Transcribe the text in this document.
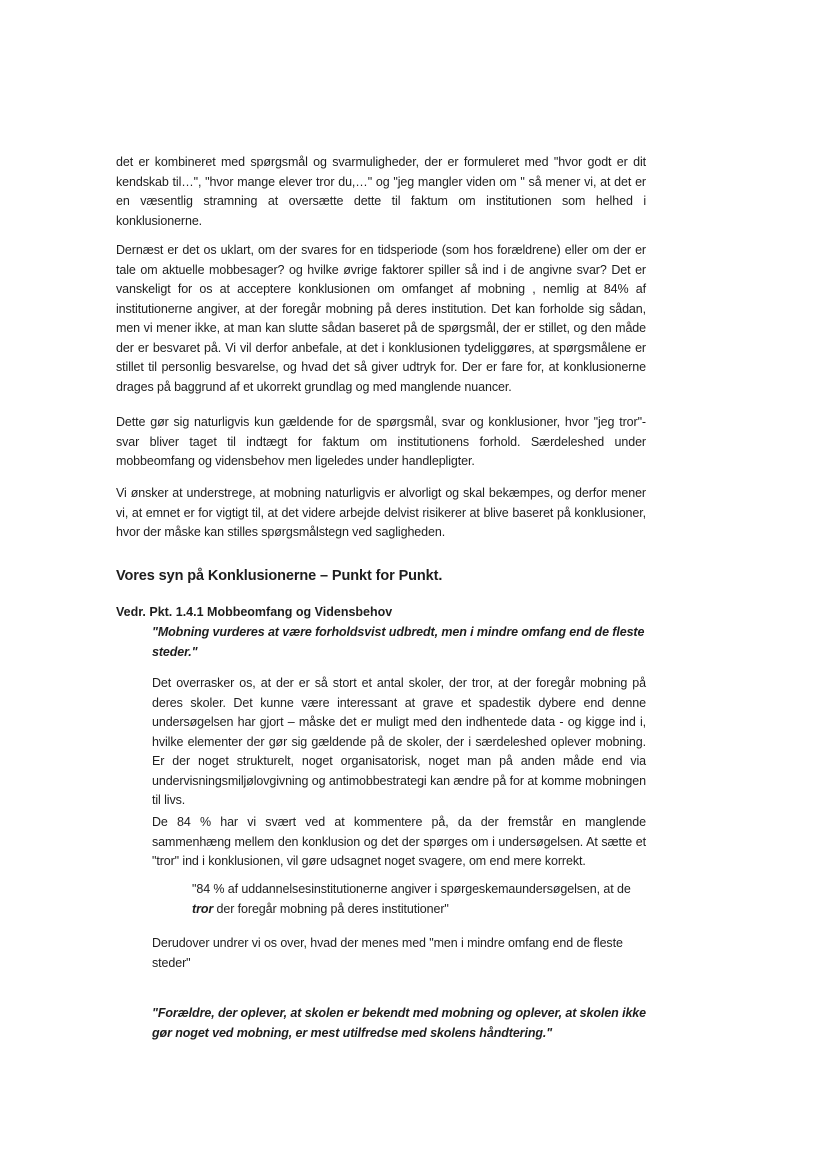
det er kombineret med spørgsmål og svarmuligheder, der er formuleret med "hvor godt er dit kendskab til…", "hvor mange elever tror du,…" og "jeg mangler viden om " så mener vi, at det er en væsentlig stramning at oversætte dette til faktum om institutionen som helhed i konklusionerne.

Dernæst er det os uklart, om der svares for en tidsperiode (som hos forældrene) eller om der er tale om aktuelle mobbesager? og hvilke øvrige faktorer spiller så ind i de angivne svar? Det er vanskeligt for os at acceptere konklusionen om omfanget af mobning , nemlig at 84% af institutionerne angiver, at der foregår mobning på deres institution. Det kan forholde sig sådan, men vi mener ikke, at man kan slutte sådan baseret på de spørgsmål, der er stillet, og den måde der er besvaret på. Vi vil derfor anbefale, at det i konklusionen tydeliggøres, at spørgsmålene er stillet til personlig besvarelse, og hvad det så giver udtryk for. Der er fare for, at konklusionerne drages på baggrund af et ukorrekt grundlag og med manglende nuancer.

Dette gør sig naturligvis kun gældende for de spørgsmål, svar og konklusioner, hvor "jeg tror"-svar bliver taget til indtægt for faktum om institutionens forhold. Særdeleshed under mobbeomfang og vidensbehov men ligeledes under handlepligter.

Vi ønsker at understrege, at mobning naturligvis er alvorligt og skal bekæmpes, og derfor mener vi, at emnet er for vigtigt til, at det videre arbejde delvist risikerer at blive baseret på konklusioner, hvor der måske kan stilles spørgsmålstegn ved sagligheden.

Vores syn på Konklusionerne – Punkt for Punkt.
Vedr. Pkt. 1.4.1 Mobbeomfang og Vidensbehov

"Mobning vurderes at være forholdsvist udbredt, men i mindre omfang end de fleste steder."

Det overrasker os, at der er så stort et antal skoler, der tror, at der foregår mobning på deres skoler. Det kunne være interessant at grave et spadestik dybere end denne undersøgelsen har gjort – måske det er muligt med den indhentede data - og kigge ind i, hvilke elementer der gør sig gældende på de skoler, der i særdeleshed oplever mobning. Er der noget strukturelt, noget organisatorisk, noget man på anden måde end via undervisningsmiljølovgivning og antimobbestrategi kan ændre på for at komme mobningen til livs.

De 84 % har vi svært ved at kommentere på, da der fremstår en manglende sammenhæng mellem den konklusion og det der spørges om i undersøgelsen. At sætte et "tror" ind i konklusionen, vil gøre udsagnet noget svagere, om end mere korrekt.

"84 % af uddannelsesinstitutionerne angiver i spørgeskemaundersøgelsen, at de tror der foregår mobning på deres institutioner"

Derudover undrer vi os over, hvad der menes med "men i mindre omfang end de fleste steder"

"Forældre, der oplever, at skolen er bekendt med mobning og oplever, at skolen ikke gør noget ved mobning, er mest utilfredse med skolens håndtering."
